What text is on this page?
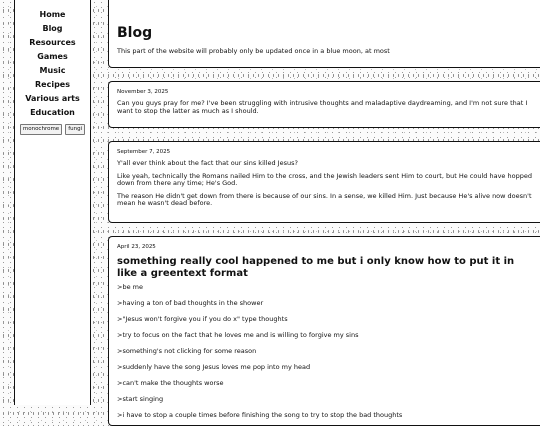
Home
Blog
Resources
Games
Music
Recipes
Various arts
Education
monochrome	fungi
Blog

This part of the website will probably only be updated once in a blue moon, at most

November 3, 2025

Can you guys pray for me? I've been struggling with intrusive thoughts and maladaptive daydreaming, and I'm not sure that I want to stop the latter as much as I should.

September 7, 2025

Y'all ever think about the fact that our sins killed Jesus?

Like yeah, technically the Romans nailed Him to the cross, and the Jewish leaders sent Him to court, but He could have hopped down from there any time; He's God.

The reason He didn't get down from there is because of our sins. In a sense, we killed Him. Just because He's alive now doesn't mean he wasn't dead before.

April 23, 2025

something really cool happened to me but i only know how to put it in like a greentext format

>be me

>having a ton of bad thoughts in the shower

>"Jesus won't forgive you if you do x" type thoughts

>try to focus on the fact that he loves me and is willing to forgive my sins

>something's not clicking for some reason

>suddenly have the song Jesus loves me pop into my head

>can't make the thoughts worse

>start singing

>i have to stop a couple times before finishing the song to try to stop the bad thoughts
